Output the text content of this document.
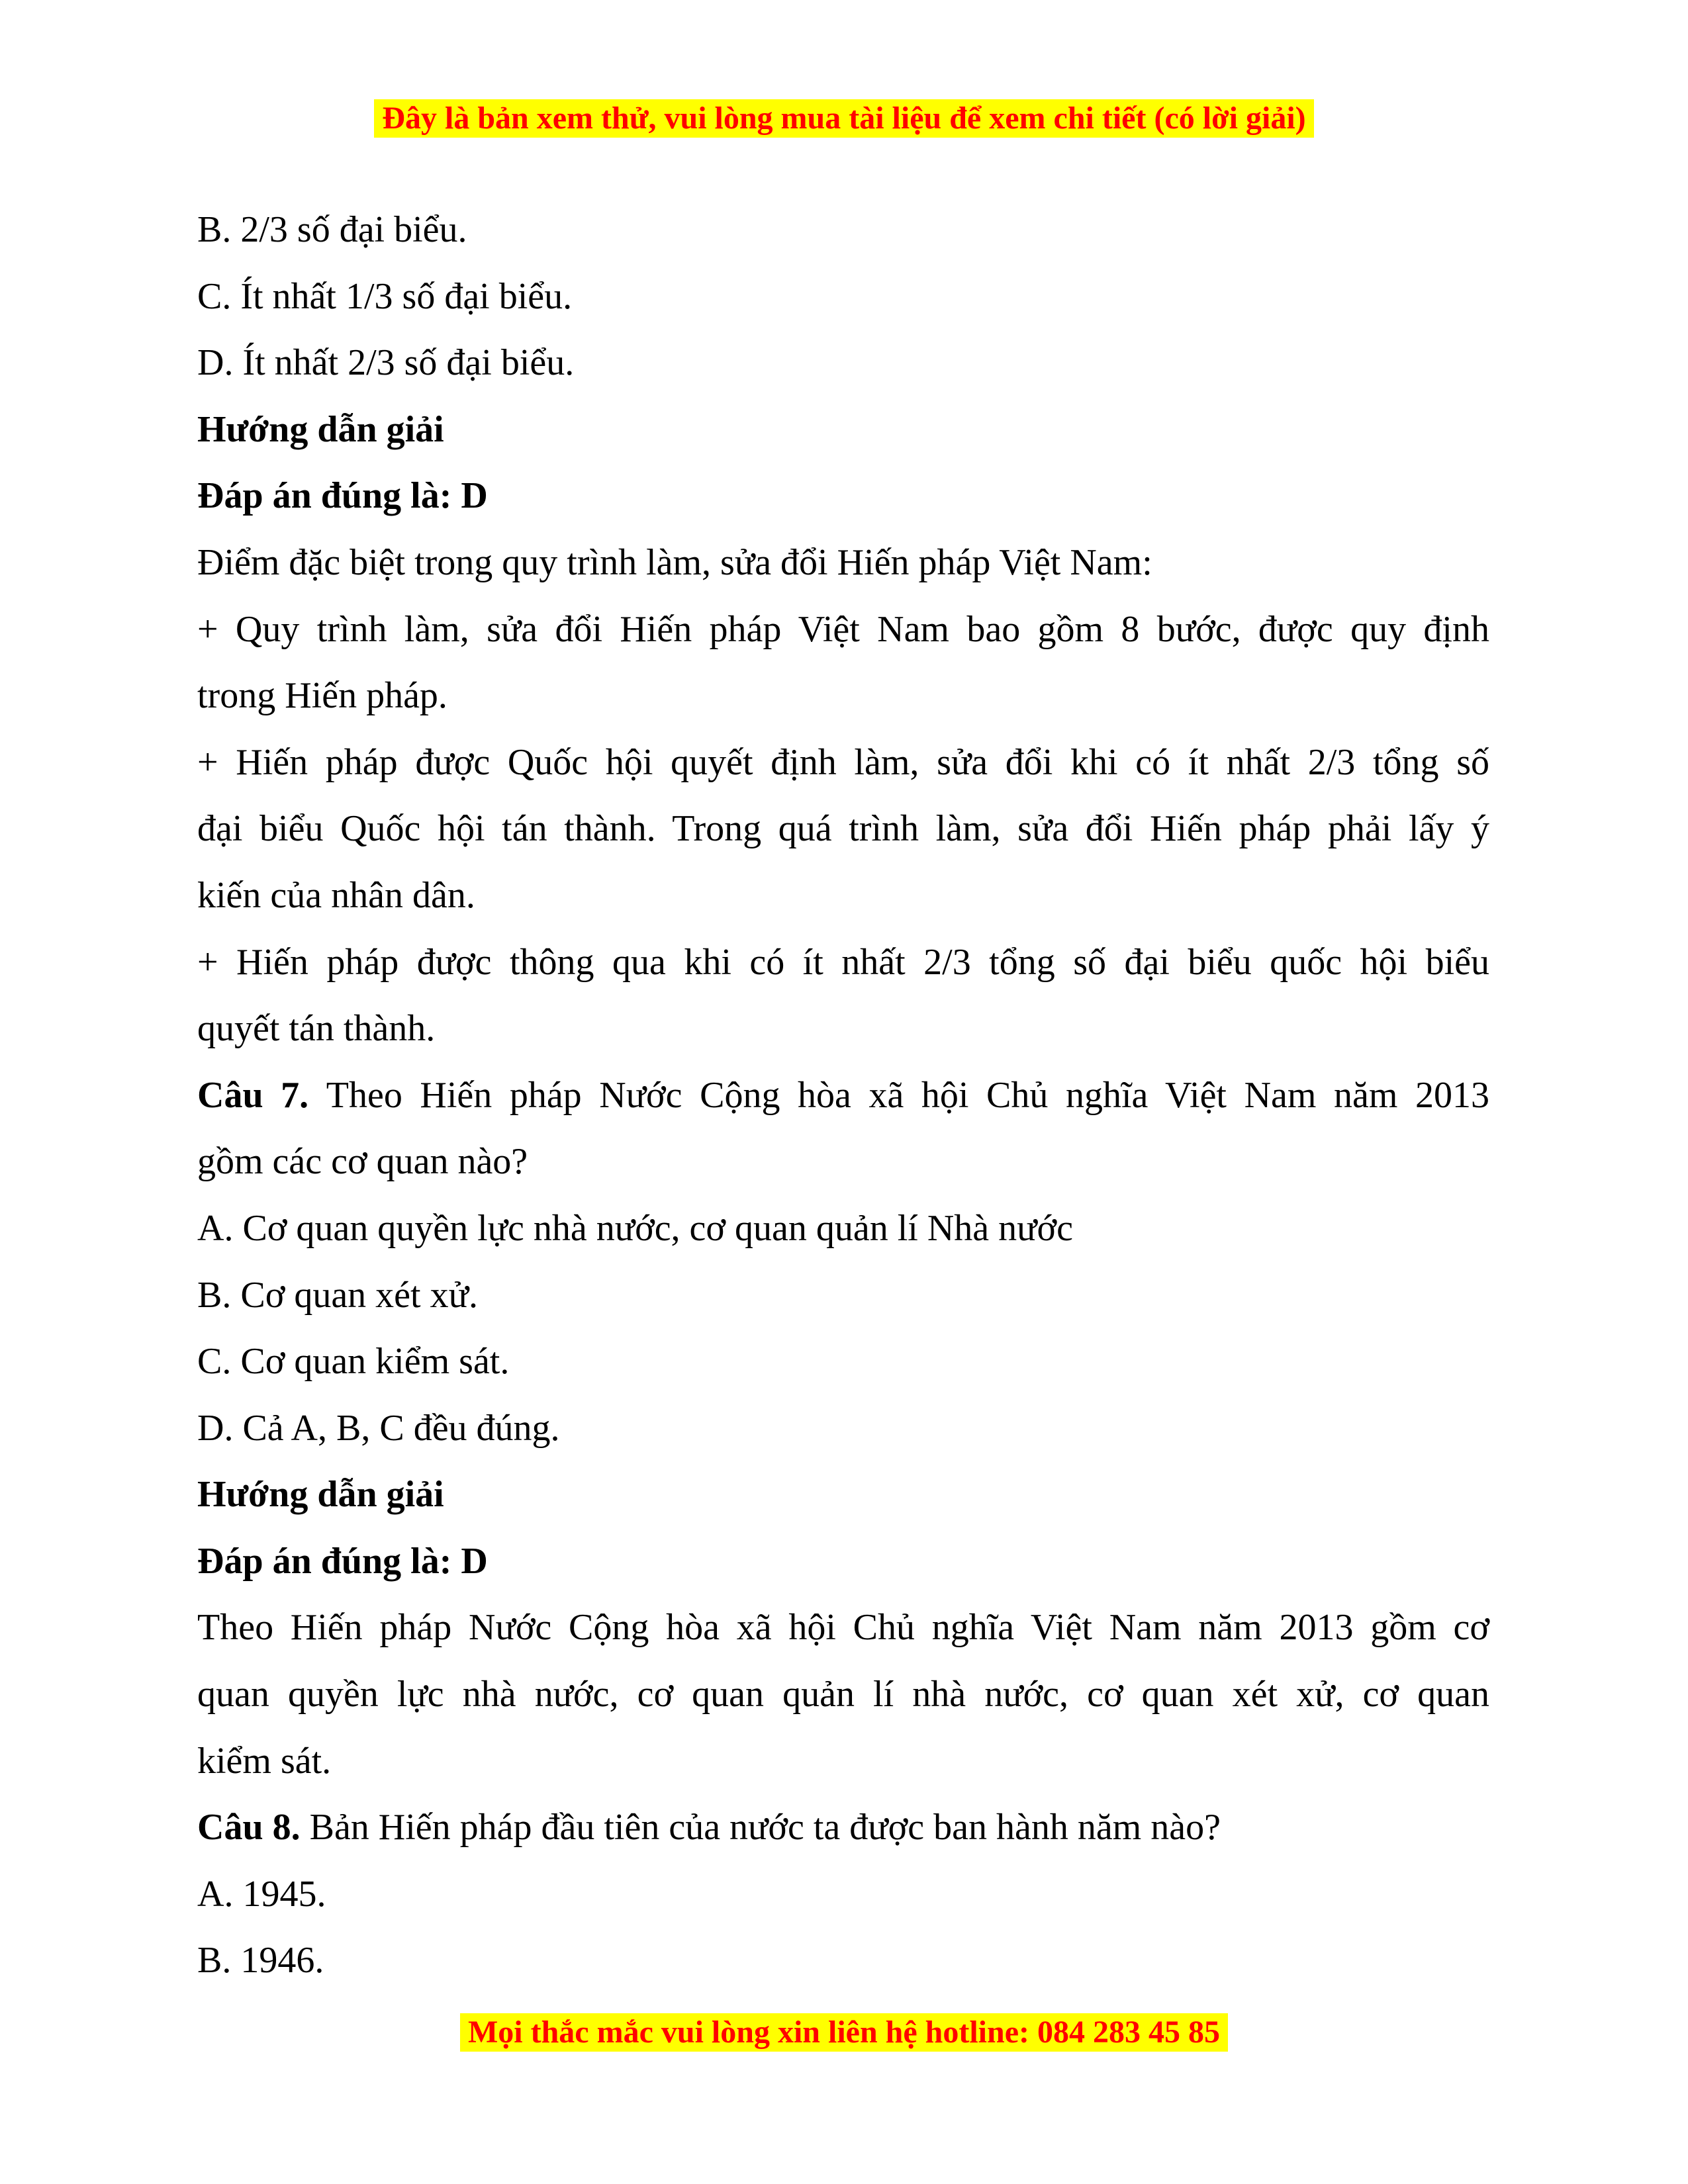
Đây là bản xem thử, vui lòng mua tài liệu để xem chi tiết (có lời giải)
B. 2/3 số đại biểu.
C. Ít nhất 1/3 số đại biểu.
D. Ít nhất 2/3 số đại biểu.
Hướng dẫn giải
Đáp án đúng là: D
Điểm đặc biệt trong quy trình làm, sửa đổi Hiến pháp Việt Nam:
+ Quy trình làm, sửa đổi Hiến pháp Việt Nam bao gồm 8 bước, được quy định
trong Hiến pháp.
+ Hiến pháp được Quốc hội quyết định làm, sửa đổi khi có ít nhất 2/3 tổng số
đại biểu Quốc hội tán thành. Trong quá trình làm, sửa đổi Hiến pháp phải lấy ý
kiến của nhân dân.
+ Hiến pháp được thông qua khi có ít nhất 2/3 tổng số đại biểu quốc hội biểu
quyết tán thành.
Câu 7. Theo Hiến pháp Nước Cộng hòa xã hội Chủ nghĩa Việt Nam năm 2013
gồm các cơ quan nào?
A. Cơ quan quyền lực nhà nước, cơ quan quản lí Nhà nước
B. Cơ quan xét xử.
C. Cơ quan kiểm sát.
D. Cả A, B, C đều đúng.
Hướng dẫn giải
Đáp án đúng là: D
Theo Hiến pháp Nước Cộng hòa xã hội Chủ nghĩa Việt Nam năm 2013 gồm cơ
quan quyền lực nhà nước, cơ quan quản lí nhà nước, cơ quan xét xử, cơ quan
kiểm sát.
Câu 8. Bản Hiến pháp đầu tiên của nước ta được ban hành năm nào?
A. 1945.
B. 1946.
Mọi thắc mắc vui lòng xin liên hệ hotline: 084 283 45 85
